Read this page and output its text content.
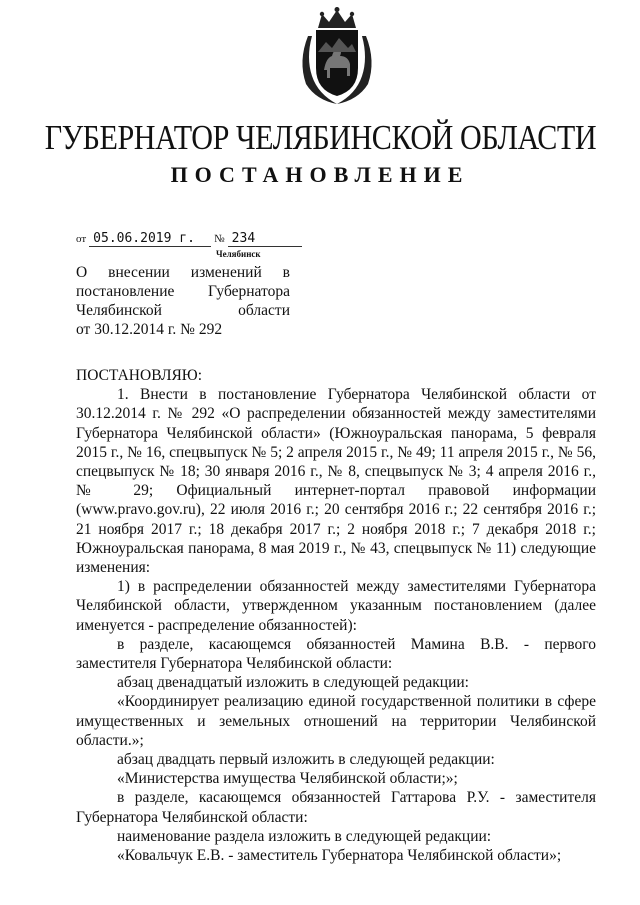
ГУБЕРНАТОР ЧЕЛЯБИНСКОЙ ОБЛАСТИ
ПОСТАНОВЛЕНИЕ
от 05.06.2019 г. № 234
Челябинск
О внесении изменений в
постановление Губернатора
Челябинской области
от 30.12.2014 г. № 292

ПОСТАНОВЛЯЮ:

1. Внести в постановление Губернатора Челябинской области от 30.12.2014 г. № 292 «О распределении обязанностей между заместителями Губернатора Челябинской области» (Южноуральская панорама, 5 февраля 2015 г., № 16, спецвыпуск № 5; 2 апреля 2015 г., № 49; 11 апреля 2015 г., № 56, спецвыпуск № 18; 30 января 2016 г., № 8, спецвыпуск № 3; 4 апреля 2016 г., № 29; Официальный интернет-портал правовой информации (www.pravo.gov.ru), 22 июля 2016 г.; 20 сентября 2016 г.; 22 сентября 2016 г.; 21 ноября 2017 г.; 18 декабря 2017 г.; 2 ноября 2018 г.; 7 декабря 2018 г.; Южноуральская панорама, 8 мая 2019 г., № 43, спецвыпуск № 11) следующие изменения:

1) в распределении обязанностей между заместителями Губернатора Челябинской области, утвержденном указанным постановлением (далее именуется - распределение обязанностей):

в разделе, касающемся обязанностей Мамина В.В. - первого заместителя Губернатора Челябинской области:

абзац двенадцатый изложить в следующей редакции:

«Координирует реализацию единой государственной политики в сфере имущественных и земельных отношений на территории Челябинской области.»;

абзац двадцать первый изложить в следующей редакции:

«Министерства имущества Челябинской области;»;

в разделе, касающемся обязанностей Гаттарова Р.У. - заместителя Губернатора Челябинской области:

наименование раздела изложить в следующей редакции:

«Ковальчук Е.В. - заместитель Губернатора Челябинской области»;
